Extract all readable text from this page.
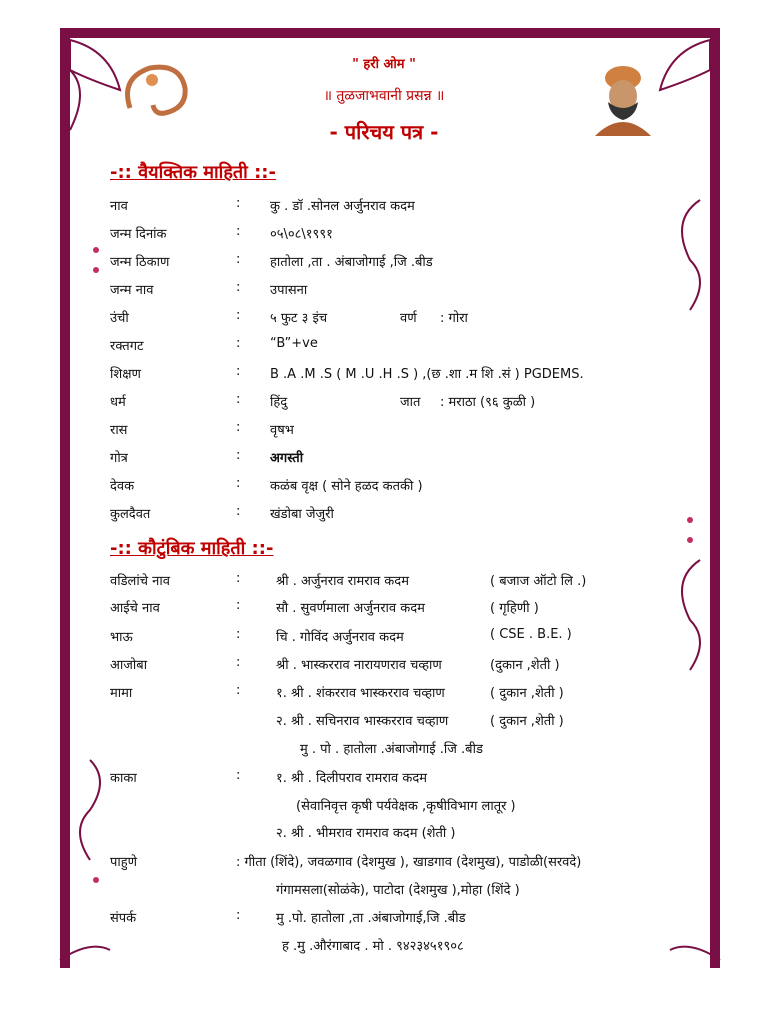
" हरी ओम "
॥ तुळजाभवानी प्रसन्न ॥
- परिचय पत्र -
-:: वैयक्तिक माहिती ::-
नाव	: कु . डॉ .सोनल अर्जुनराव कदम
जन्म दिनांक	: ०५\०८\१९९१
जन्म ठिकाण	: हातोला ,ता . अंबाजोगाई ,जि .बीड
जन्म नाव	: उपासना
उंची	: ५ फुट ३ इंच	वर्ण : गोरा
रक्तगट	: “B”+ve
शिक्षण	: B .A .M .S ( M .U .H .S ) ,(छ .शा .म शि .सं ) PGDEMS.
धर्म	: हिंदु	जात : मराठा (९६ कुळी )
रास	: वृषभ
गोत्र	: अगस्ती
देवक	: कळंब वृक्ष ( सोने हळद कतकी )
कुलदैवत	: खंडोबा जेजुरी
-:: कौटुंबिक माहिती ::-
वडिलांचे नाव	:	श्री . अर्जुनराव रामराव कदम	( बजाज ऑटो लि .)
आईचे नाव	:	सौ . सुवर्णमाला अर्जुनराव कदम	( गृहिणी )
भाऊ	:	चि . गोविंद अर्जुनराव कदम	( CSE . B.E. )
आजोबा	:	श्री . भास्करराव नारायणराव चव्हाण	(दुकान ,शेती )
मामा	:	१. श्री . शंकरराव भास्करराव चव्हाण	( दुकान ,शेती )
२. श्री . सचिनराव भास्करराव चव्हाण	( दुकान ,शेती )
मु . पो . हातोला .अंबाजोगाई .जि .बीड
काका	:	१. श्री . दिलीपराव रामराव कदम
(सेवानिवृत्त कृषी पर्यवेक्षक ,कृषीविभाग लातूर )
२. श्री . भीमराव रामराव कदम (शेती )
पाहुणे	: गीता (शिंदे), जवळगाव (देशमुख ), खाडगाव (देशमुख), पाडोळी(सरवदे)
गंगामसला(सोळंके), पाटोदा (देशमुख ),मोहा (शिंदे )
संपर्क	:	मु .पो. हातोला ,ता .अंबाजोगाई,जि .बीड
ह .मु .औरंगाबाद . मो . ९४२३४५१९०८
